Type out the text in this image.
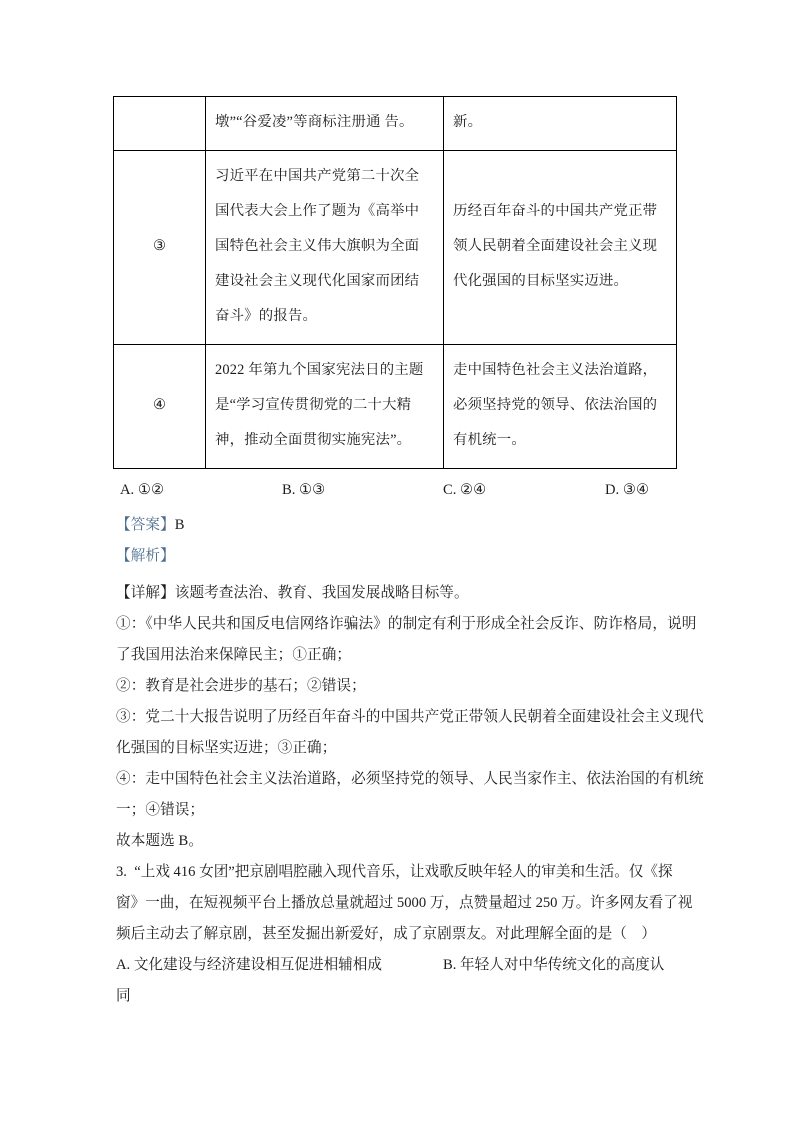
	墩”“谷爱凌”等商标注册通 告。	新。
③	习近平在中国共产党第二十次全 国代表大会上作了题为《高举中 国特色社会主义伟大旗帜为全面 建设社会主义现代化国家而团结 奋斗》的报告。	历经百年奋斗的中国共产党正带 领人民朝着全面建设社会主义现 代化强国的目标坚实迈进。
④	2022 年第九个国家宪法日的主题 是“学习宣传贯彻党的二十大精 神，推动全面贯彻实施宪法”。	走中国特色社会主义法治道路， 必须坚持党的领导、依法治国的 有机统一。
A. ①②	B. ①③	C. ②④	D. ③④
【答案】B
【解析】
【详解】该题考查法治、教育、我国发展战略目标等。
①：《中华人民共和国反电信网络诈骗法》的制定有利于形成全社会反诈、防诈格局，说明
了我国用法治来保障民主；①正确；
②：教育是社会进步的基石；②错误；
③：党二十大报告说明了历经百年奋斗的中国共产党正带领人民朝着全面建设社会主义现代
化强国的目标坚实迈进；③正确；
④：走中国特色社会主义法治道路，必须坚持党的领导、人民当家作主、依法治国的有机统
一；④错误；
故本题选 B。
3.  “上戏 416 女团”把京剧唱腔融入现代音乐，让戏歌反映年轻人的审美和生活。仅《探
窗》一曲，在短视频平台上播放总量就超过 5000 万，点赞量超过 250 万。许多网友看了视
频后主动去了解京剧，甚至发掘出新爱好，成了京剧票友。对此理解全面的是（    ）
A. 文化建设与经济建设相互促进相辅相成	B. 年轻人对中华传统文化的高度认
同
